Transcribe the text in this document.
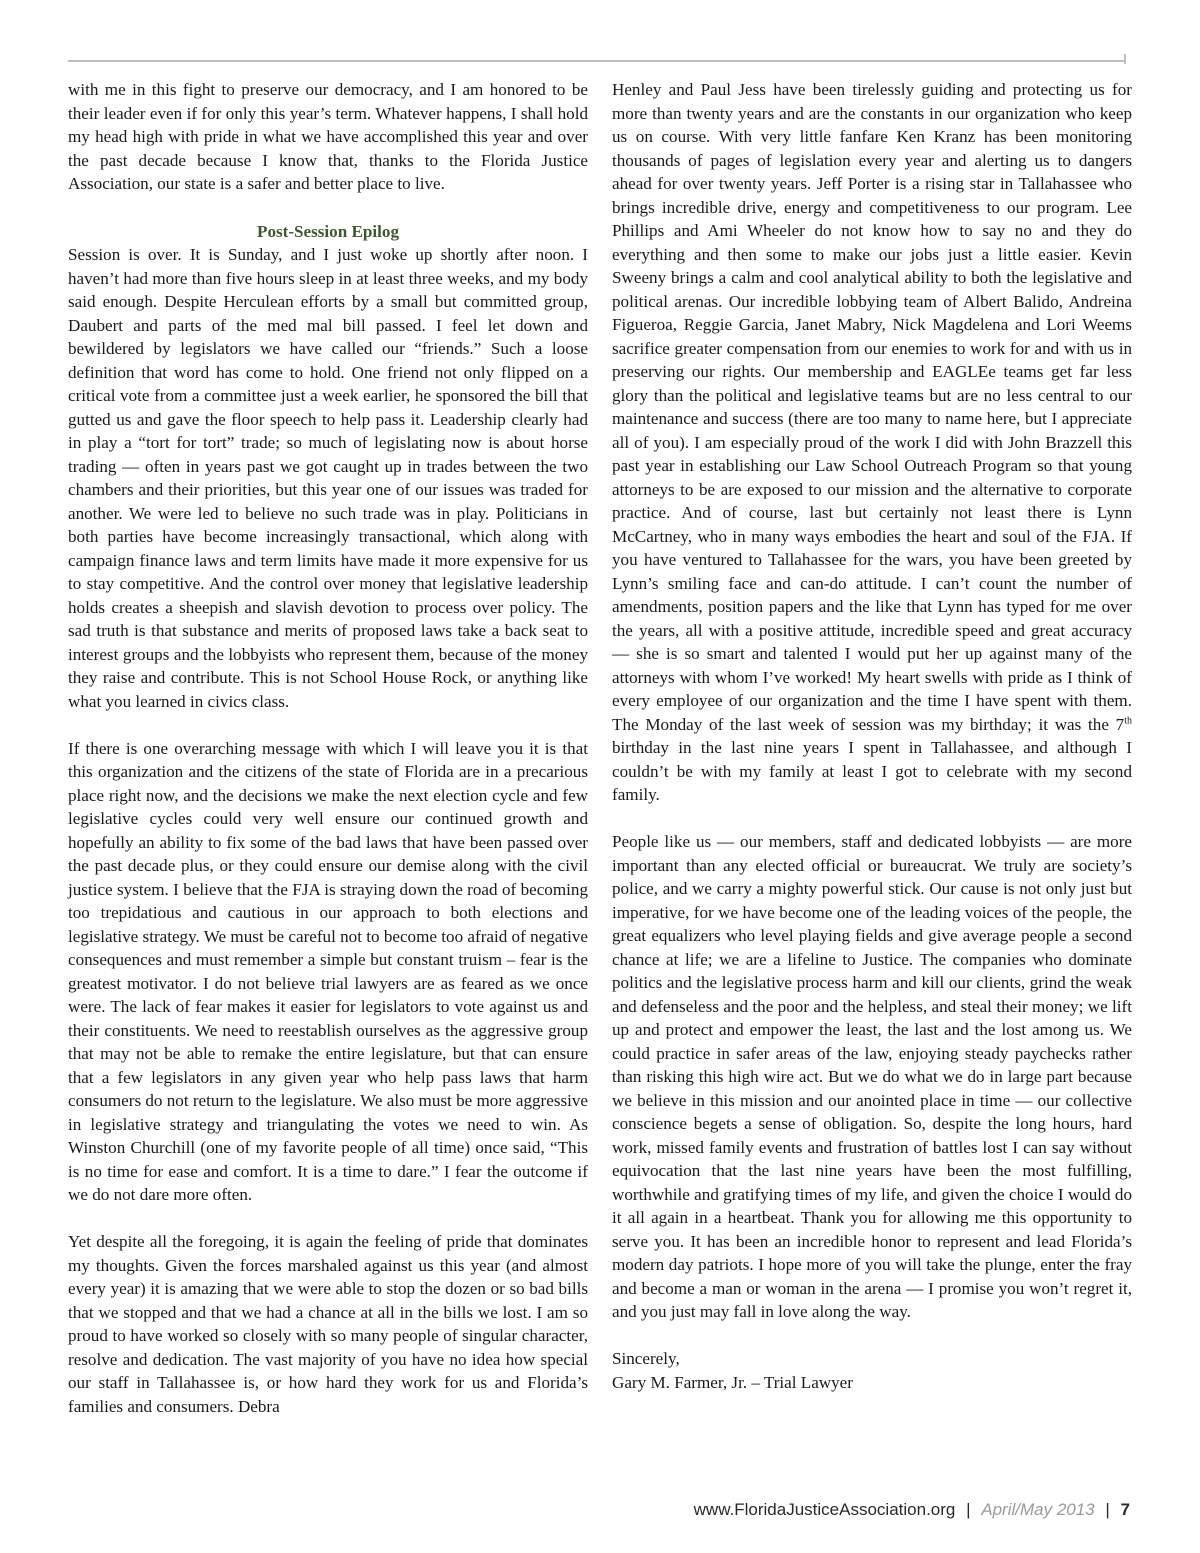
with me in this fight to preserve our democracy, and I am honored to be their leader even if for only this year’s term. Whatever happens, I shall hold my head high with pride in what we have accomplished this year and over the past decade because I know that, thanks to the Florida Justice Association, our state is a safer and better place to live.

Post-Session Epilog

Session is over. It is Sunday, and I just woke up shortly after noon. I haven’t had more than five hours sleep in at least three weeks, and my body said enough. Despite Herculean efforts by a small but committed group, Daubert and parts of the med mal bill passed. I feel let down and bewildered by legislators we have called our “friends.” Such a loose definition that word has come to hold. One friend not only flipped on a critical vote from a committee just a week earlier, he sponsored the bill that gutted us and gave the floor speech to help pass it. Leadership clearly had in play a “tort for tort” trade; so much of legislating now is about horse trading — often in years past we got caught up in trades between the two chambers and their priorities, but this year one of our issues was traded for another. We were led to believe no such trade was in play. Politicians in both parties have become increasingly transactional, which along with campaign finance laws and term limits have made it more expensive for us to stay competitive. And the control over money that legislative leadership holds creates a sheepish and slavish devotion to process over policy. The sad truth is that substance and merits of proposed laws take a back seat to interest groups and the lobbyists who represent them, because of the money they raise and contribute. This is not School House Rock, or anything like what you learned in civics class.

If there is one overarching message with which I will leave you it is that this organization and the citizens of the state of Florida are in a precarious place right now, and the decisions we make the next election cycle and few legislative cycles could very well ensure our continued growth and hopefully an ability to fix some of the bad laws that have been passed over the past decade plus, or they could ensure our demise along with the civil justice system. I believe that the FJA is straying down the road of becoming too trepidatious and cautious in our approach to both elections and legislative strategy. We must be careful not to become too afraid of negative consequences and must remember a simple but constant truism – fear is the greatest motivator. I do not believe trial lawyers are as feared as we once were. The lack of fear makes it easier for legislators to vote against us and their constituents. We need to reestablish ourselves as the aggressive group that may not be able to remake the entire legislature, but that can ensure that a few legislators in any given year who help pass laws that harm consumers do not return to the legislature. We also must be more aggressive in legislative strategy and triangulating the votes we need to win. As Winston Churchill (one of my favorite people of all time) once said, “This is no time for ease and comfort. It is a time to dare.” I fear the outcome if we do not dare more often.

Yet despite all the foregoing, it is again the feeling of pride that dominates my thoughts. Given the forces marshaled against us this year (and almost every year) it is amazing that we were able to stop the dozen or so bad bills that we stopped and that we had a chance at all in the bills we lost. I am so proud to have worked so closely with so many people of singular character, resolve and dedication. The vast majority of you have no idea how special our staff in Tallahassee is, or how hard they work for us and Florida’s families and consumers. Debra

Henley and Paul Jess have been tirelessly guiding and protecting us for more than twenty years and are the constants in our organization who keep us on course. With very little fanfare Ken Kranz has been monitoring thousands of pages of legislation every year and alerting us to dangers ahead for over twenty years. Jeff Porter is a rising star in Tallahassee who brings incredible drive, energy and competitiveness to our program. Lee Phillips and Ami Wheeler do not know how to say no and they do everything and then some to make our jobs just a little easier. Kevin Sweeny brings a calm and cool analytical ability to both the legislative and political arenas. Our incredible lobbying team of Albert Balido, Andreina Figueroa, Reggie Garcia, Janet Mabry, Nick Magdelena and Lori Weems sacrifice greater compensation from our enemies to work for and with us in preserving our rights. Our membership and EAGLEe teams get far less glory than the political and legislative teams but are no less central to our maintenance and success (there are too many to name here, but I appreciate all of you). I am especially proud of the work I did with John Brazzell this past year in establishing our Law School Outreach Program so that young attorneys to be are exposed to our mission and the alternative to corporate practice. And of course, last but certainly not least there is Lynn McCartney, who in many ways embodies the heart and soul of the FJA. If you have ventured to Tallahassee for the wars, you have been greeted by Lynn’s smiling face and can-do attitude. I can’t count the number of amendments, position papers and the like that Lynn has typed for me over the years, all with a positive attitude, incredible speed and great accuracy — she is so smart and talented I would put her up against many of the attorneys with whom I’ve worked! My heart swells with pride as I think of every employee of our organization and the time I have spent with them. The Monday of the last week of session was my birthday; it was the 7th birthday in the last nine years I spent in Tallahassee, and although I couldn’t be with my family at least I got to celebrate with my second family.

People like us — our members, staff and dedicated lobbyists — are more important than any elected official or bureaucrat. We truly are society’s police, and we carry a mighty powerful stick. Our cause is not only just but imperative, for we have become one of the leading voices of the people, the great equalizers who level playing fields and give average people a second chance at life; we are a lifeline to Justice. The companies who dominate politics and the legislative process harm and kill our clients, grind the weak and defenseless and the poor and the helpless, and steal their money; we lift up and protect and empower the least, the last and the lost among us. We could practice in safer areas of the law, enjoying steady paychecks rather than risking this high wire act. But we do what we do in large part because we believe in this mission and our anointed place in time — our collective conscience begets a sense of obligation. So, despite the long hours, hard work, missed family events and frustration of battles lost I can say without equivocation that the last nine years have been the most fulfilling, worthwhile and gratifying times of my life, and given the choice I would do it all again in a heartbeat. Thank you for allowing me this opportunity to serve you. It has been an incredible honor to represent and lead Florida’s modern day patriots. I hope more of you will take the plunge, enter the fray and become a man or woman in the arena — I promise you won’t regret it, and you just may fall in love along the way.

Sincerely,

Gary M. Farmer, Jr. – Trial Lawyer

www.FloridaJusticeAssociation.org | April/May 2013 | 7
